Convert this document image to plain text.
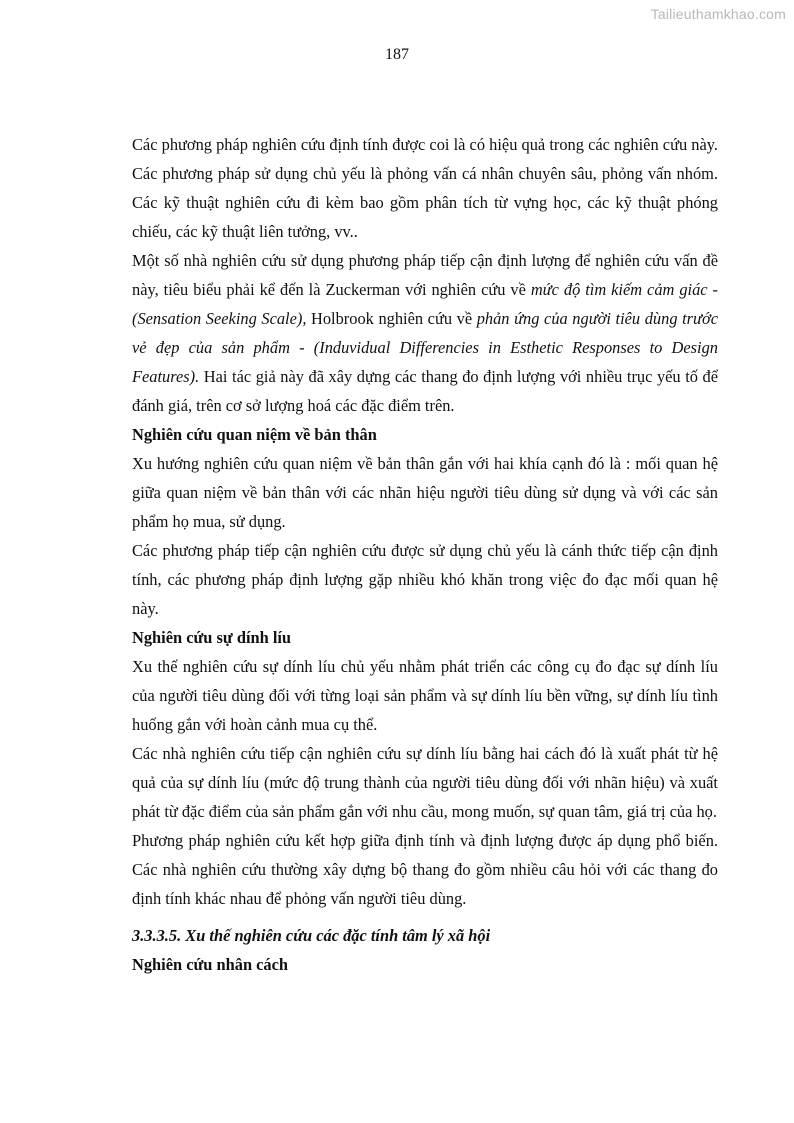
Tailieuthamkhao.com
187

Các phương pháp nghiên cứu định tính được coi là có hiệu quả trong các nghiên cứu này. Các phương pháp sử dụng chủ yếu là phỏng vấn cá nhân chuyên sâu, phỏng vấn nhóm. Các kỹ thuật nghiên cứu đi kèm bao gồm phân tích từ vựng học, các kỹ thuật phóng chiếu, các kỹ thuật liên tưởng, vv..

Một số nhà nghiên cứu sử dụng phương pháp tiếp cận định lượng để nghiên cứu vấn đề này, tiêu biểu phải kể đến là Zuckerman với nghiên cứu về mức độ tìm kiếm cảm giác - (Sensation Seeking Scale), Holbrook nghiên cứu về phản ứng của người tiêu dùng trước vẻ đẹp của sản phẩm - (Induvidual Differencies in Esthetic Responses to Design Features). Hai tác giả này đã xây dựng các thang đo định lượng với nhiều trục yếu tố để đánh giá, trên cơ sở lượng hoá các đặc điểm trên.

Nghiên cứu quan niệm về bản thân

Xu hướng nghiên cứu quan niệm về bản thân gắn với hai khía cạnh đó là : mối quan hệ giữa quan niệm về bản thân với các nhãn hiệu người tiêu dùng sử dụng và với các sản phẩm họ mua, sử dụng.

Các phương pháp tiếp cận nghiên cứu được sử dụng chủ yếu là cánh thức tiếp cận định tính, các phương pháp định lượng gặp nhiều khó khăn trong việc đo đạc mối quan hệ này.

Nghiên cứu sự dính líu

Xu thế nghiên cứu sự dính líu chủ yếu nhằm phát triển các công cụ đo đạc sự dính líu của người tiêu dùng đối với từng loại sản phẩm và sự dính líu bền vững, sự dính líu tình huống gắn với hoàn cảnh mua cụ thể.

Các nhà nghiên cứu tiếp cận nghiên cứu sự dính líu bằng hai cách đó là xuất phát từ hệ quả của sự dính líu (mức độ trung thành của người tiêu dùng đối với nhãn hiệu) và xuất phát từ đặc điểm của sản phẩm gắn với nhu cầu, mong muốn, sự quan tâm, giá trị của họ.

Phương pháp nghiên cứu kết hợp giữa định tính và định lượng được áp dụng phổ biến. Các nhà nghiên cứu thường xây dựng bộ thang đo gồm nhiều câu hỏi với các thang đo định tính khác nhau để phỏng vấn người tiêu dùng.

3.3.3.5. Xu thế nghiên cứu các đặc tính tâm lý xã hội

Nghiên cứu nhân cách
